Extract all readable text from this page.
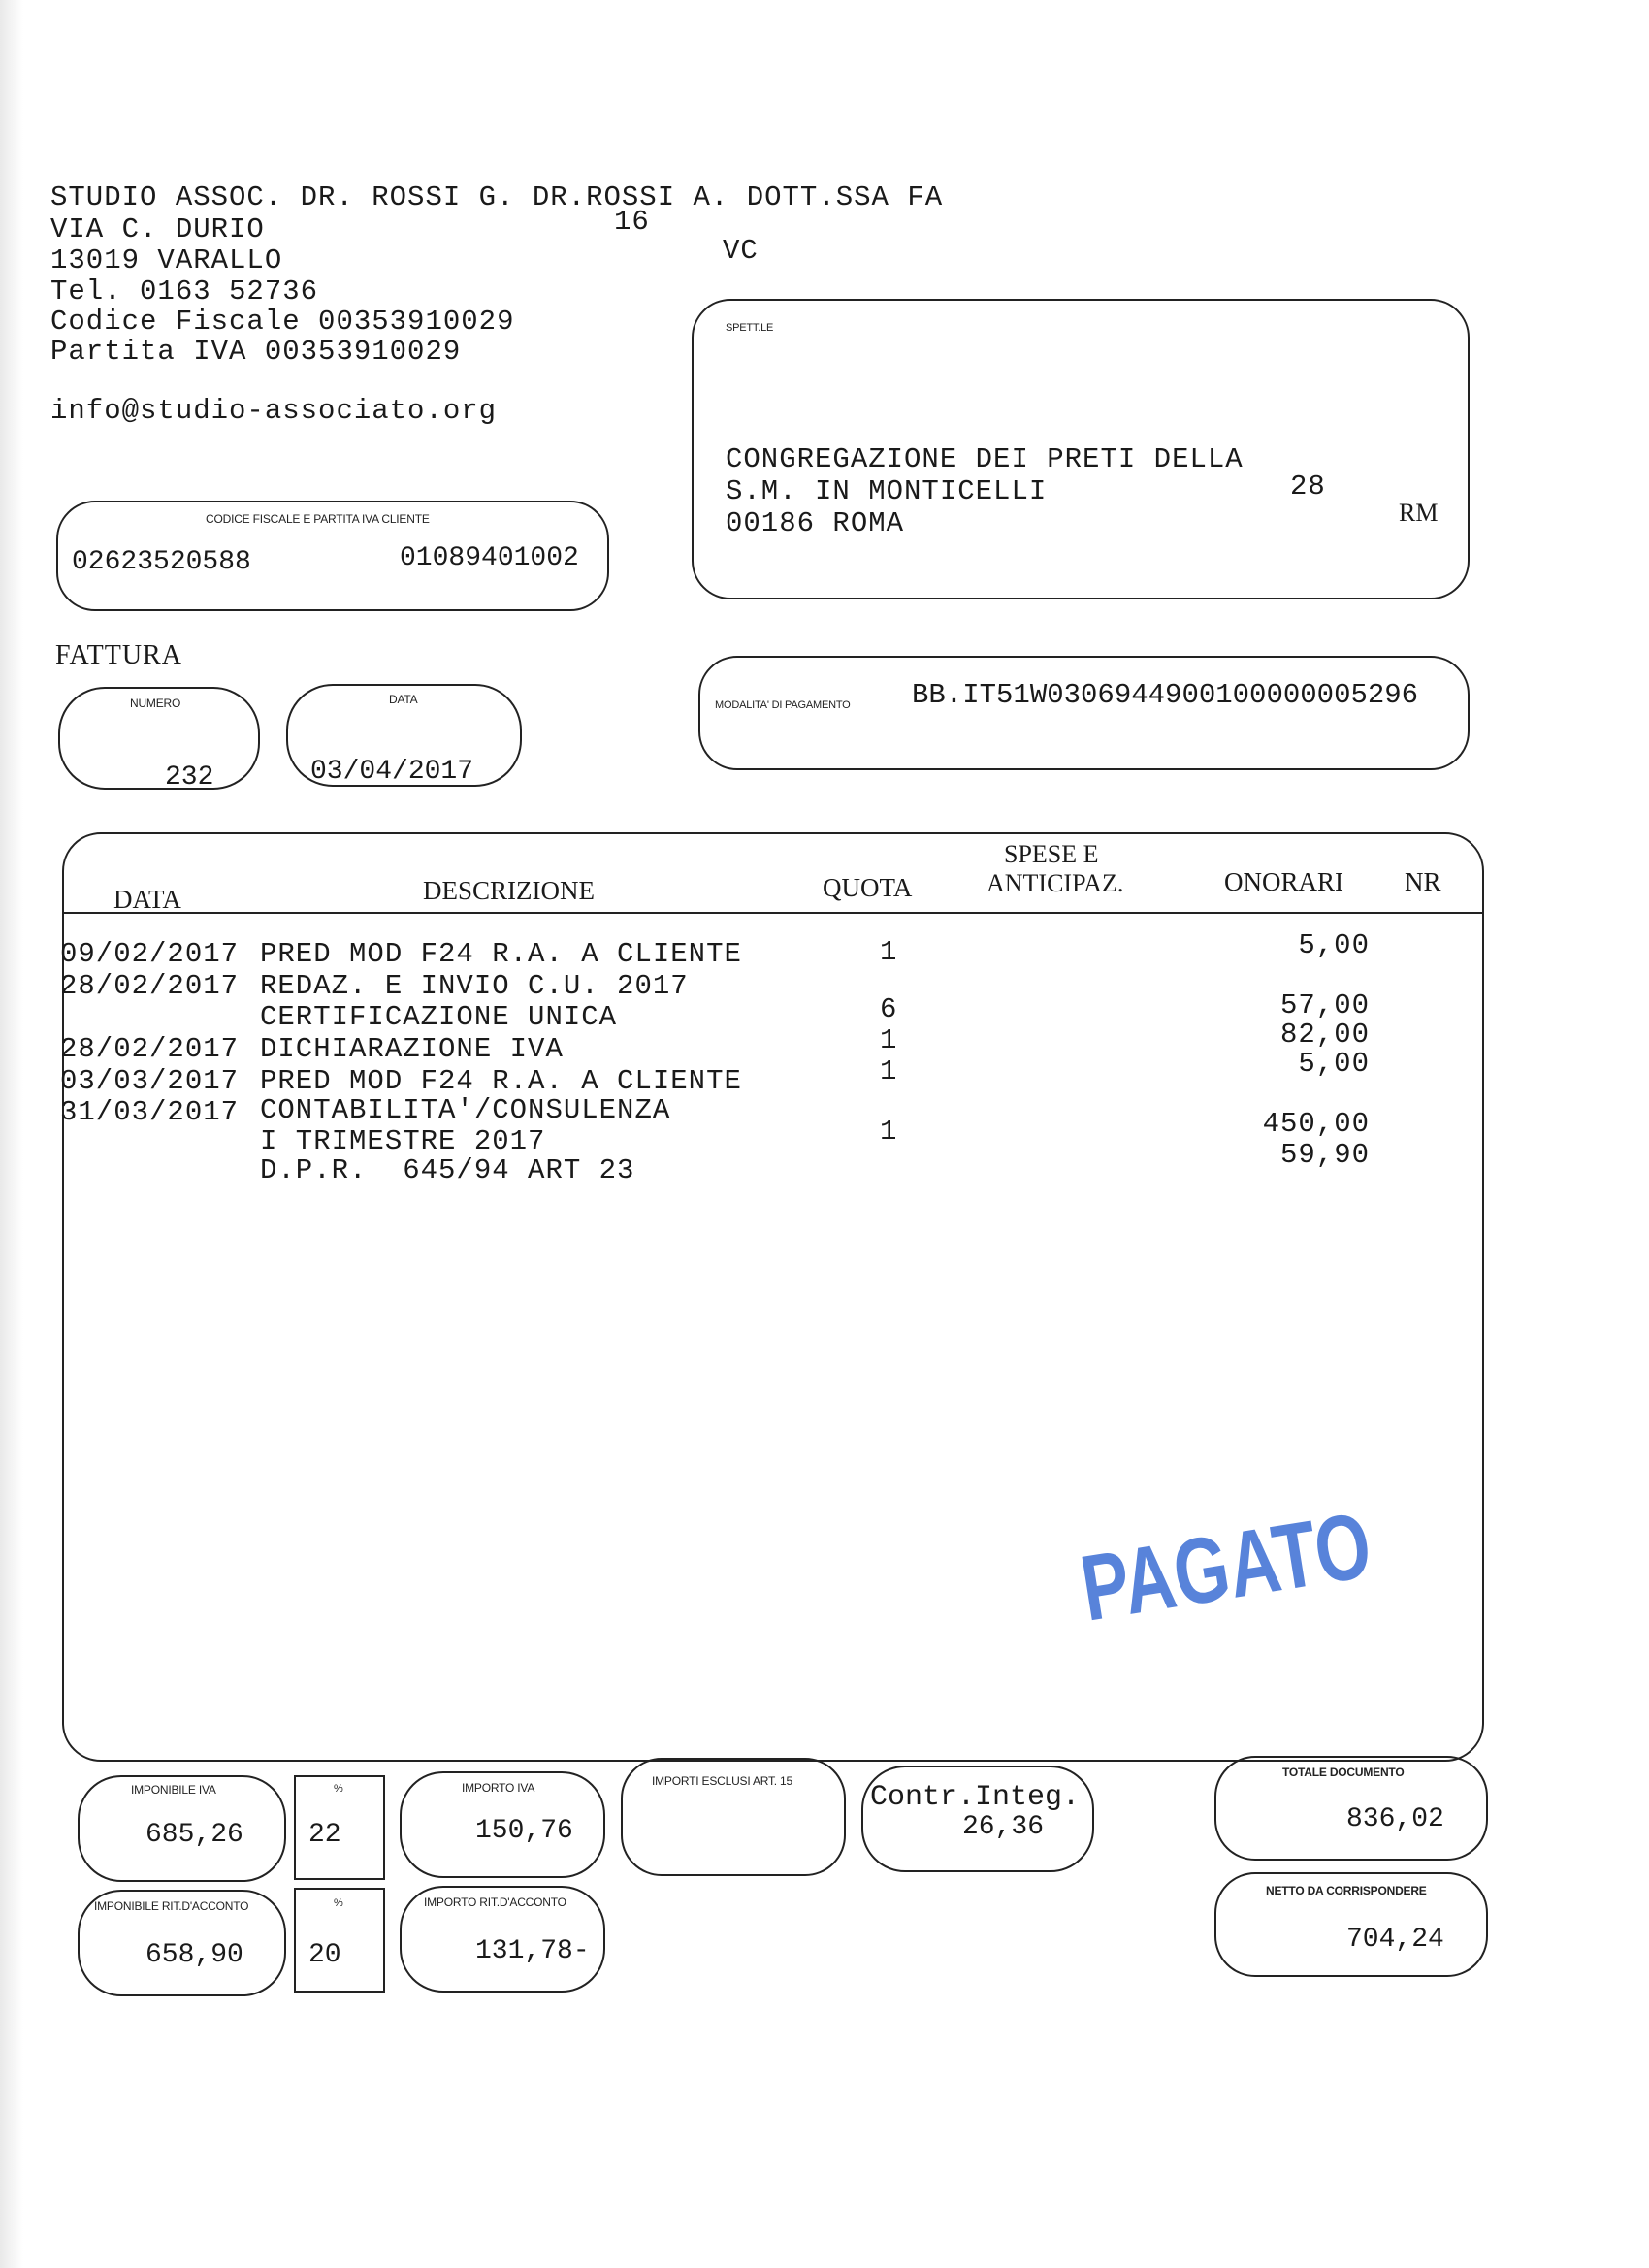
STUDIO ASSOC. DR. ROSSI G. DR.ROSSI A. DOTT.SSA FA
VIA C. DURIO	16
13019 VARALLO	VC
Tel. 0163 52736
Codice Fiscale 00353910029
Partita IVA 00353910029
info@studio-associato.org
CODICE FISCALE E PARTITA IVA CLIENTE
02623520588	01089401002
SPETT.LE
CONGREGAZIONE DEI PRETI DELLA
S.M. IN MONTICELLI	28
00186 ROMA	RM
FATTURA
NUMERO
232
DATA
03/04/2017
MODALITA' DI PAGAMENTO BB.IT51W0306944900100000005296
DATA	DESCRIZIONE	QUOTA
SPESE E
ANTICIPAZ.	ONORARI NR
09/02/2017 PRED MOD F24 R.A. A CLIENTE	1	5,00
28/02/2017 REDAZ. E INVIO C.U. 2017
CERTIFICAZIONE UNICA	6	57,00
28/02/2017 DICHIARAZIONE IVA	1	82,00
03/03/2017 PRED MOD F24 R.A. A CLIENTE	1	5,00
31/03/2017 CONTABILITA'/CONSULENZA
I TRIMESTRE 2017	1	450,00
D.P.R.  645/94 ART 23	59,90
PAGATO
IMPONIBILE IVA
685,26
%
22
IMPORTO IVA
150,76
IMPORTI ESCLUSI ART. 15	Contr.Integ.
26,36
TOTALE DOCUMENTO
836,02
IMPONIBILE RIT.D'ACCONTO
658,90
%
20
IMPORTO RIT.D'ACCONTO
131,78-
NETTO DA CORRISPONDERE
704,24
